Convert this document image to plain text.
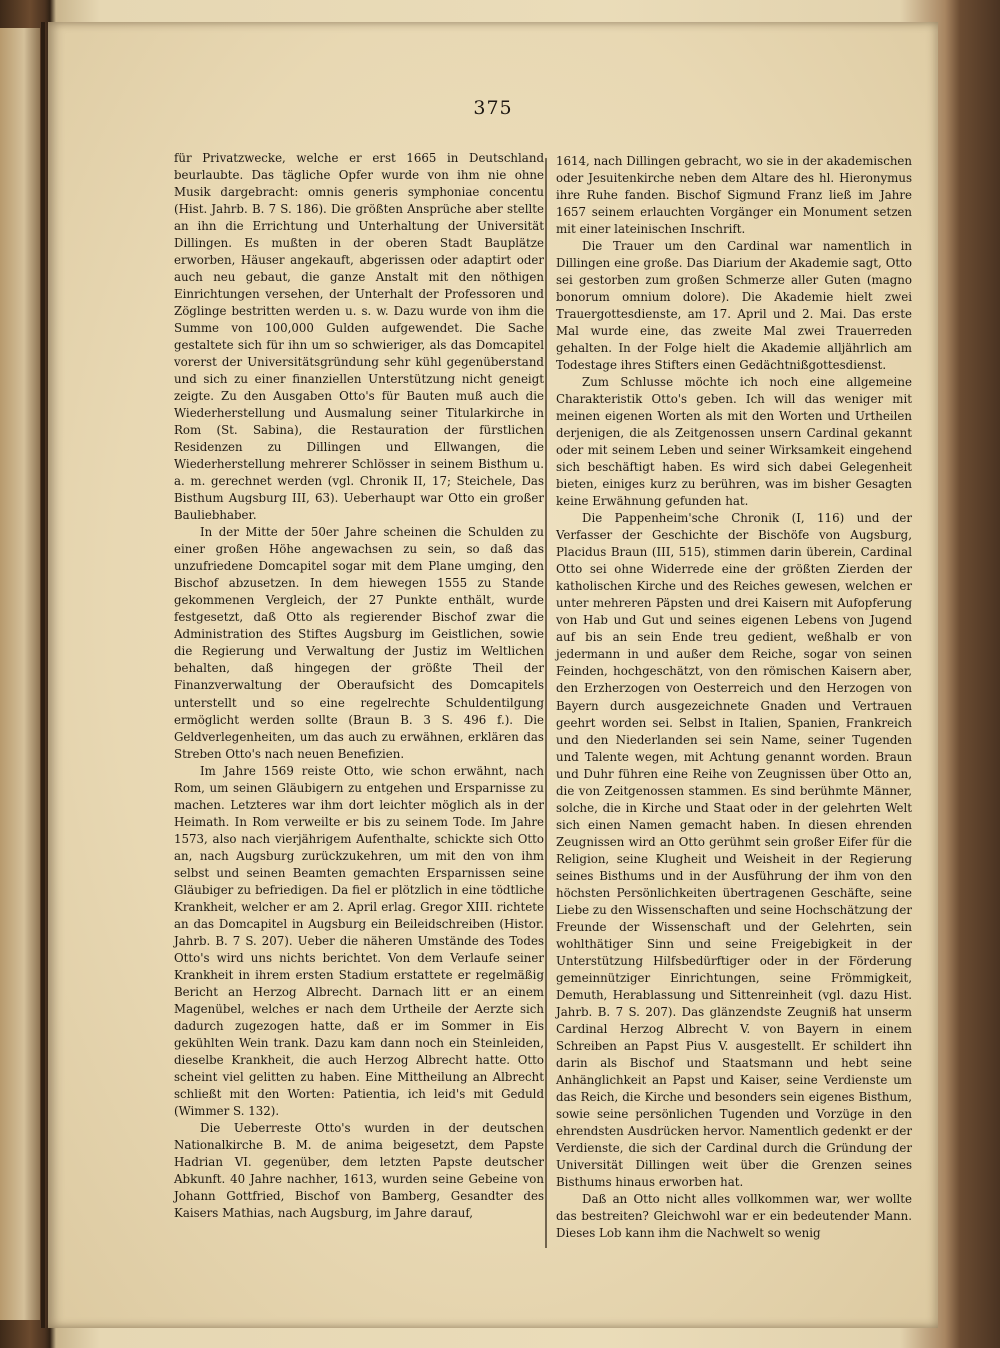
375

für Privatzwecke, welche er erst 1665 in Deutschland beurlaubte. Das tägliche Opfer wurde von ihm nie ohne Musik dargebracht: omnis generis symphoniae concentu (Hist. Jahrb. B. 7 S. 186). Die größten Ansprüche aber stellte an ihn die Errichtung und Unterhaltung der Universität Dillingen. Es mußten in der oberen Stadt Bauplätze erworben, Häuser angekauft, abgerissen oder adaptirt oder auch neu gebaut, die ganze Anstalt mit den nöthigen Einrichtungen versehen, der Unterhalt der Professoren und Zöglinge bestritten werden u. s. w. Dazu wurde von ihm die Summe von 100,000 Gulden aufgewendet. Die Sache gestaltete sich für ihn um so schwieriger, als das Domcapitel vorerst der Universitätsgründung sehr kühl gegenüberstand und sich zu einer finanziellen Unterstützung nicht geneigt zeigte. Zu den Ausgaben Otto's für Bauten muß auch die Wiederherstellung und Ausmalung seiner Titularkirche in Rom (St. Sabina), die Restauration der fürstlichen Residenzen zu Dillingen und Ellwangen, die Wiederherstellung mehrerer Schlösser in seinem Bisthum u. a. m. gerechnet werden (vgl. Chronik II, 17; Steichele, Das Bisthum Augsburg III, 63). Ueberhaupt war Otto ein großer Bauliebhaber.

In der Mitte der 50er Jahre scheinen die Schulden zu einer großen Höhe angewachsen zu sein, so daß das unzufriedene Domcapitel sogar mit dem Plane umging, den Bischof abzusetzen. In dem hiewegen 1555 zu Stande gekommenen Vergleich, der 27 Punkte enthält, wurde festgesetzt, daß Otto als regierender Bischof zwar die Administration des Stiftes Augsburg im Geistlichen, sowie die Regierung und Verwaltung der Justiz im Weltlichen behalten, daß hingegen der größte Theil der Finanzverwaltung der Oberaufsicht des Domcapitels unterstellt und so eine regelrechte Schuldentilgung ermöglicht werden sollte (Braun B. 3 S. 496 f.). Die Geldverlegenheiten, um das auch zu erwähnen, erklären das Streben Otto's nach neuen Benefizien.

Im Jahre 1569 reiste Otto, wie schon erwähnt, nach Rom, um seinen Gläubigern zu entgehen und Ersparnisse zu machen. Letzteres war ihm dort leichter möglich als in der Heimath. In Rom verweilte er bis zu seinem Tode. Im Jahre 1573, also nach vierjährigem Aufenthalte, schickte sich Otto an, nach Augsburg zurückzukehren, um mit den von ihm selbst und seinen Beamten gemachten Ersparnissen seine Gläubiger zu befriedigen. Da fiel er plötzlich in eine tödtliche Krankheit, welcher er am 2. April erlag. Gregor XIII. richtete an das Domcapitel in Augsburg ein Beileidschreiben (Histor. Jahrb. B. 7 S. 207). Ueber die näheren Umstände des Todes Otto's wird uns nichts berichtet. Von dem Verlaufe seiner Krankheit in ihrem ersten Stadium erstattete er regelmäßig Bericht an Herzog Albrecht. Darnach litt er an einem Magenübel, welches er nach dem Urtheile der Aerzte sich dadurch zugezogen hatte, daß er im Sommer in Eis gekühlten Wein trank. Dazu kam dann noch ein Steinleiden, dieselbe Krankheit, die auch Herzog Albrecht hatte. Otto scheint viel gelitten zu haben. Eine Mittheilung an Albrecht schließt mit den Worten: Patientia, ich leid's mit Geduld (Wimmer S. 132).

Die Ueberreste Otto's wurden in der deutschen Nationalkirche B. M. de anima beigesetzt, dem Papste Hadrian VI. gegenüber, dem letzten Papste deutscher Abkunft. 40 Jahre nachher, 1613, wurden seine Gebeine von Johann Gottfried, Bischof von Bamberg, Gesandter des Kaisers Mathias, nach Augsburg, im Jahre darauf,

1614, nach Dillingen gebracht, wo sie in der akademischen oder Jesuitenkirche neben dem Altare des hl. Hieronymus ihre Ruhe fanden. Bischof Sigmund Franz ließ im Jahre 1657 seinem erlauchten Vorgänger ein Monument setzen mit einer lateinischen Inschrift.

Die Trauer um den Cardinal war namentlich in Dillingen eine große. Das Diarium der Akademie sagt, Otto sei gestorben zum großen Schmerze aller Guten (magno bonorum omnium dolore). Die Akademie hielt zwei Trauergottesdienste, am 17. April und 2. Mai. Das erste Mal wurde eine, das zweite Mal zwei Trauerreden gehalten. In der Folge hielt die Akademie alljährlich am Todestage ihres Stifters einen Gedächtnißgottesdienst.

Zum Schlusse möchte ich noch eine allgemeine Charakteristik Otto's geben. Ich will das weniger mit meinen eigenen Worten als mit den Worten und Urtheilen derjenigen, die als Zeitgenossen unsern Cardinal gekannt oder mit seinem Leben und seiner Wirksamkeit eingehend sich beschäftigt haben. Es wird sich dabei Gelegenheit bieten, einiges kurz zu berühren, was im bisher Gesagten keine Erwähnung gefunden hat.

Die Pappenheim'sche Chronik (I, 116) und der Verfasser der Geschichte der Bischöfe von Augsburg, Placidus Braun (III, 515), stimmen darin überein, Cardinal Otto sei ohne Widerrede eine der größten Zierden der katholischen Kirche und des Reiches gewesen, welchen er unter mehreren Päpsten und drei Kaisern mit Aufopferung von Hab und Gut und seines eigenen Lebens von Jugend auf bis an sein Ende treu gedient, weßhalb er von jedermann in und außer dem Reiche, sogar von seinen Feinden, hochgeschätzt, von den römischen Kaisern aber, den Erzherzogen von Oesterreich und den Herzogen von Bayern durch ausgezeichnete Gnaden und Vertrauen geehrt worden sei. Selbst in Italien, Spanien, Frankreich und den Niederlanden sei sein Name, seiner Tugenden und Talente wegen, mit Achtung genannt worden. Braun und Duhr führen eine Reihe von Zeugnissen über Otto an, die von Zeitgenossen stammen. Es sind berühmte Männer, solche, die in Kirche und Staat oder in der gelehrten Welt sich einen Namen gemacht haben. In diesen ehrenden Zeugnissen wird an Otto gerühmt sein großer Eifer für die Religion, seine Klugheit und Weisheit in der Regierung seines Bisthums und in der Ausführung der ihm von den höchsten Persönlichkeiten übertragenen Geschäfte, seine Liebe zu den Wissenschaften und seine Hochschätzung der Freunde der Wissenschaft und der Gelehrten, sein wohlthätiger Sinn und seine Freigebigkeit in der Unterstützung Hilfsbedürftiger oder in der Förderung gemeinnütziger Einrichtungen, seine Frömmigkeit, Demuth, Herablassung und Sittenreinheit (vgl. dazu Hist. Jahrb. B. 7 S. 207). Das glänzendste Zeugniß hat unserm Cardinal Herzog Albrecht V. von Bayern in einem Schreiben an Papst Pius V. ausgestellt. Er schildert ihn darin als Bischof und Staatsmann und hebt seine Anhänglichkeit an Papst und Kaiser, seine Verdienste um das Reich, die Kirche und besonders sein eigenes Bisthum, sowie seine persönlichen Tugenden und Vorzüge in den ehrendsten Ausdrücken hervor. Namentlich gedenkt er der Verdienste, die sich der Cardinal durch die Gründung der Universität Dillingen weit über die Grenzen seines Bisthums hinaus erworben hat.

Daß an Otto nicht alles vollkommen war, wer wollte das bestreiten? Gleichwohl war er ein bedeutender Mann. Dieses Lob kann ihm die Nachwelt so wenig
